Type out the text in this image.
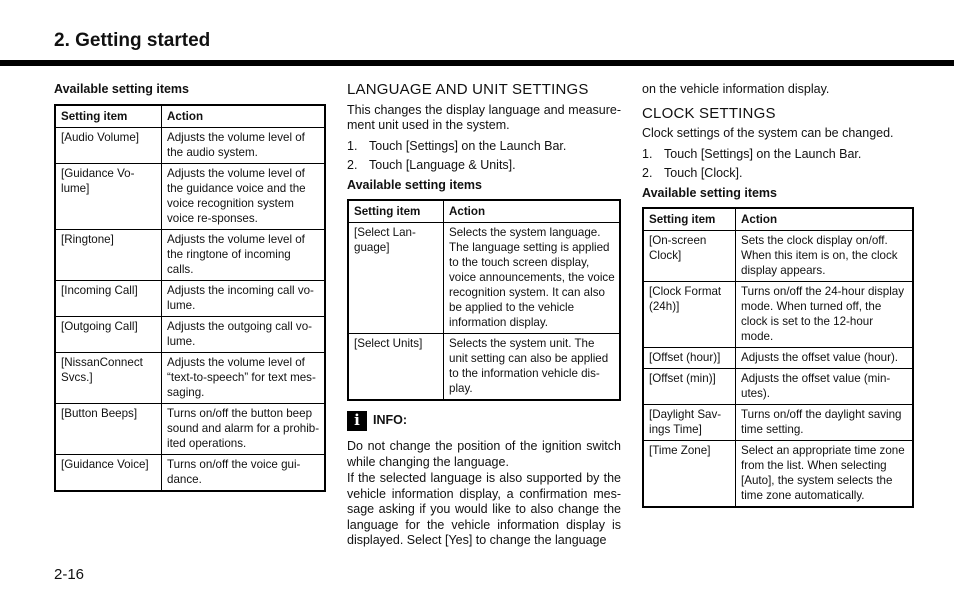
2. Getting started
Available setting items
Setting item	Action
[Audio Volume]	Adjusts the volume level of the audio system.
[Guidance Vo-lume]	Adjusts the volume level of the guidance voice and the voice recognition system voice re-sponses.
[Ringtone]	Adjusts the volume level of the ringtone of incoming calls.
[Incoming Call]	Adjusts the incoming call vo-lume.
[Outgoing Call]	Adjusts the outgoing call vo-lume.
[NissanConnect Svcs.]	Adjusts the volume level of “text-to-speech” for text mes-saging.
[Button Beeps]	Turns on/off the button beep sound and alarm for a prohib-ited operations.
[Guidance Voice]	Turns on/off the voice gui-dance.
LANGUAGE AND UNIT SETTINGS
This changes the display language and measure-ment unit used in the system.
1. Touch [Settings] on the Launch Bar.
2. Touch [Language & Units].
Available setting items
Setting item	Action
[Select Lan-guage]	Selects the system language. The language setting is applied to the touch screen display, voice announcements, the voice recognition system. It can also be applied to the vehicle information display.
[Select Units]	Selects the system unit. The unit setting can also be applied to the information vehicle dis-play.
i	INFO:
Do not change the position of the ignition switch while changing the language.
If the selected language is also supported by the vehicle information display, a confirmation mes-sage asking if you would like to also change the language for the vehicle information display is displayed. Select [Yes] to change the language
on the vehicle information display.
CLOCK SETTINGS
Clock settings of the system can be changed.
1. Touch [Settings] on the Launch Bar.
2. Touch [Clock].
Available setting items
Setting item	Action
[On-screen Clock]	Sets the clock display on/off. When this item is on, the clock display appears.
[Clock Format (24h)]	Turns on/off the 24-hour display mode. When turned off, the clock is set to the 12-hour mode.
[Offset (hour)]	Adjusts the offset value (hour).
[Offset (min)]	Adjusts the offset value (min-utes).
[Daylight Sav-ings Time]	Turns on/off the daylight saving time setting.
[Time Zone]	Select an appropriate time zone from the list. When selecting [Auto], the system selects the time zone automatically.
2-16
